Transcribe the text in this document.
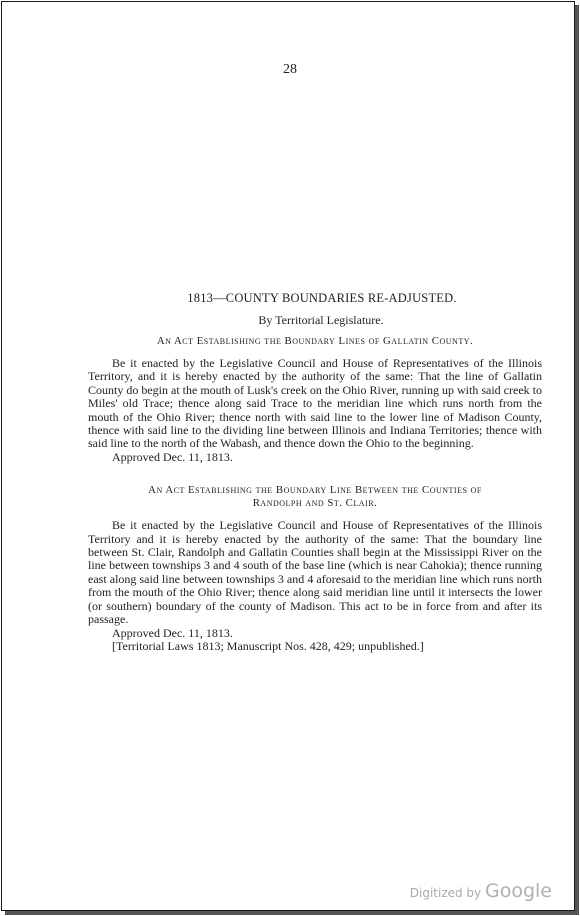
28

1813—COUNTY BOUNDARIES RE-ADJUSTED.

By Territorial Legislature.

An Act Establishing the Boundary Lines of Gallatin County.

Be it enacted by the Legislative Council and House of Representatives of the Illinois Territory, and it is hereby enacted by the authority of the same: That the line of Gallatin County do begin at the mouth of Lusk's creek on the Ohio River, running up with said creek to Miles' old Trace; thence along said Trace to the meridian line which runs north from the mouth of the Ohio River; thence north with said line to the lower line of Madison County, thence with said line to the dividing line between Illinois and Indiana Territories; thence with said line to the north of the Wabash, and thence down the Ohio to the beginning.

Approved Dec. 11, 1813.

An Act Establishing the Boundary Line Between the Counties of

Randolph and St. Clair.

Be it enacted by the Legislative Council and House of Representatives of the Illinois Territory and it is hereby enacted by the authority of the same: That the boundary line between St. Clair, Randolph and Gallatin Counties shall begin at the Mississippi River on the line between townships 3 and 4 south of the base line (which is near Cahokia); thence running east along said line between townships 3 and 4 aforesaid to the meridian line which runs north from the mouth of the Ohio River; thence along said meridian line until it intersects the lower (or southern) boundary of the county of Madison. This act to be in force from and after its passage.

Approved Dec. 11, 1813.

[Territorial Laws 1813; Manuscript Nos. 428, 429; unpublished.]

Digitized by Google
